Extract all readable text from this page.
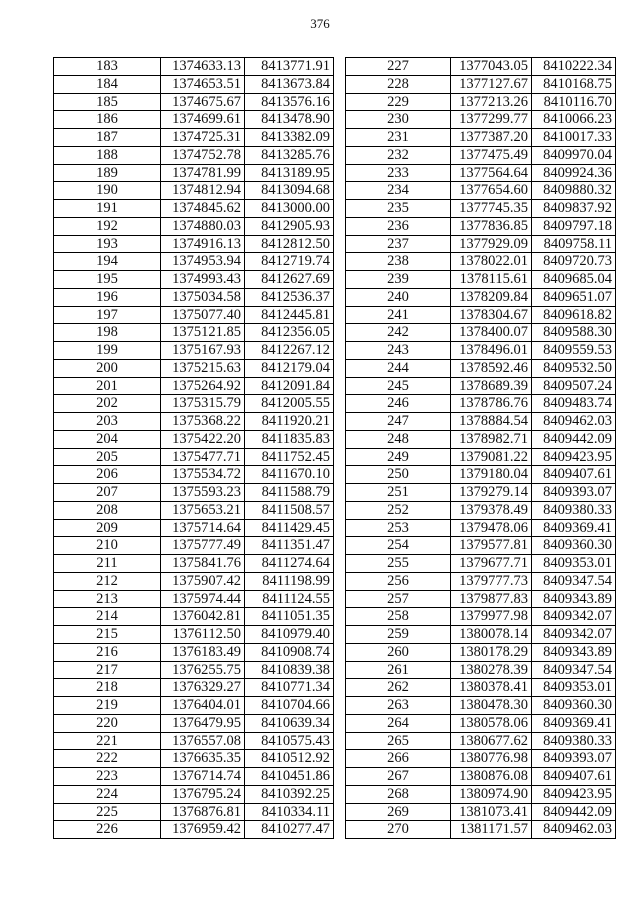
376
183	1374633.13	8413771.91
184	1374653.51	8413673.84
185	1374675.67	8413576.16
186	1374699.61	8413478.90
187	1374725.31	8413382.09
188	1374752.78	8413285.76
189	1374781.99	8413189.95
190	1374812.94	8413094.68
191	1374845.62	8413000.00
192	1374880.03	8412905.93
193	1374916.13	8412812.50
194	1374953.94	8412719.74
195	1374993.43	8412627.69
196	1375034.58	8412536.37
197	1375077.40	8412445.81
198	1375121.85	8412356.05
199	1375167.93	8412267.12
200	1375215.63	8412179.04
201	1375264.92	8412091.84
202	1375315.79	8412005.55
203	1375368.22	8411920.21
204	1375422.20	8411835.83
205	1375477.71	8411752.45
206	1375534.72	8411670.10
207	1375593.23	8411588.79
208	1375653.21	8411508.57
209	1375714.64	8411429.45
210	1375777.49	8411351.47
211	1375841.76	8411274.64
212	1375907.42	8411198.99
213	1375974.44	8411124.55
214	1376042.81	8411051.35
215	1376112.50	8410979.40
216	1376183.49	8410908.74
217	1376255.75	8410839.38
218	1376329.27	8410771.34
219	1376404.01	8410704.66
220	1376479.95	8410639.34
221	1376557.08	8410575.43
222	1376635.35	8410512.92
223	1376714.74	8410451.86
224	1376795.24	8410392.25
225	1376876.81	8410334.11
226	1376959.42	8410277.47
227	1377043.05	8410222.34
228	1377127.67	8410168.75
229	1377213.26	8410116.70
230	1377299.77	8410066.23
231	1377387.20	8410017.33
232	1377475.49	8409970.04
233	1377564.64	8409924.36
234	1377654.60	8409880.32
235	1377745.35	8409837.92
236	1377836.85	8409797.18
237	1377929.09	8409758.11
238	1378022.01	8409720.73
239	1378115.61	8409685.04
240	1378209.84	8409651.07
241	1378304.67	8409618.82
242	1378400.07	8409588.30
243	1378496.01	8409559.53
244	1378592.46	8409532.50
245	1378689.39	8409507.24
246	1378786.76	8409483.74
247	1378884.54	8409462.03
248	1378982.71	8409442.09
249	1379081.22	8409423.95
250	1379180.04	8409407.61
251	1379279.14	8409393.07
252	1379378.49	8409380.33
253	1379478.06	8409369.41
254	1379577.81	8409360.30
255	1379677.71	8409353.01
256	1379777.73	8409347.54
257	1379877.83	8409343.89
258	1379977.98	8409342.07
259	1380078.14	8409342.07
260	1380178.29	8409343.89
261	1380278.39	8409347.54
262	1380378.41	8409353.01
263	1380478.30	8409360.30
264	1380578.06	8409369.41
265	1380677.62	8409380.33
266	1380776.98	8409393.07
267	1380876.08	8409407.61
268	1380974.90	8409423.95
269	1381073.41	8409442.09
270	1381171.57	8409462.03
